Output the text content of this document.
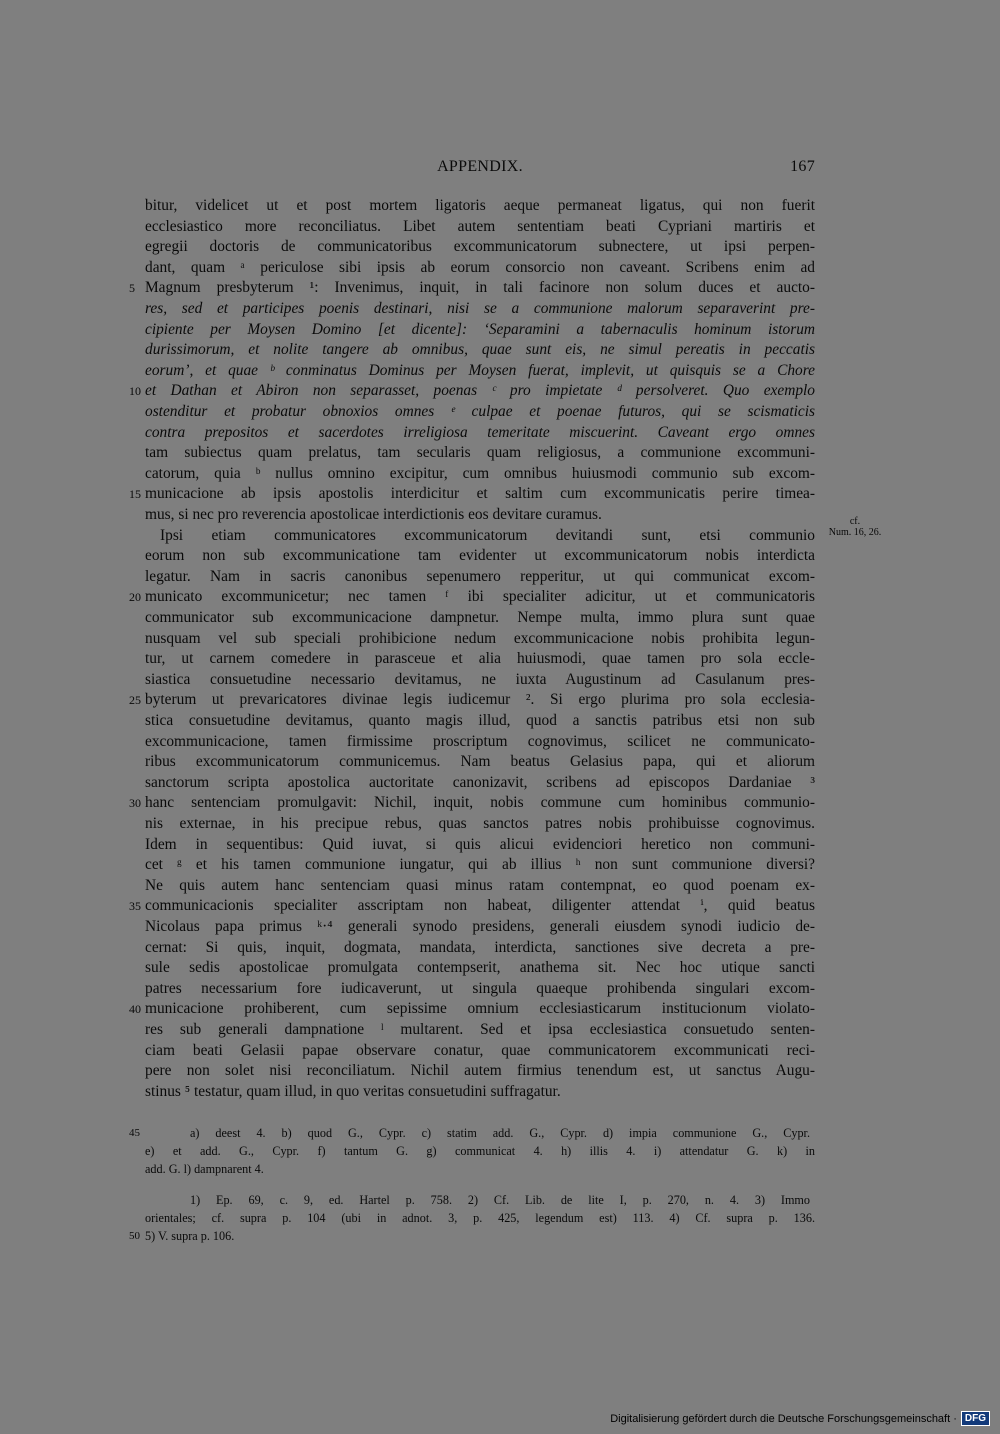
APPENDIX.	167
cf.
Num. 16, 26.
Digitalisierung gefördert durch die Deutsche Forschungsgemeinschaft · DFG
bitur, videlicet ut et post mortem ligatoris aeque permaneat ligatus, qui non fuerit
ecclesiastico more reconciliatus. Libet autem sententiam beati Cypriani martiris et
egregii doctoris de communicatoribus excommunicatorum subnectere, ut ipsi perpen-
dant, quam ᵃ periculose sibi ipsis ab eorum consorcio non caveant. Scribens enim ad
Magnum presbyterum ¹: Invenimus, inquit, in tali facinore non solum duces et aucto-
res, sed et participes poenis destinari, nisi se a communione malorum separaverint pre-
cipiente per Moysen Domino [et dicente]: ‘Separamini a tabernaculis hominum istorum
durissimorum, et nolite tangere ab omnibus, quae sunt eis, ne simul pereatis in peccatis
eorum’, et quae ᵇ conminatus Dominus per Moysen fuerat, implevit, ut quisquis se a Chore
et Dathan et Abiron non separasset, poenas ᶜ pro impietate ᵈ persolveret. Quo exemplo
ostenditur et probatur obnoxios omnes ᵉ culpae et poenae futuros, qui se scismaticis
contra prepositos et sacerdotes irreligiosa temeritate miscuerint. Caveant ergo omnes
tam subiectus quam prelatus, tam secularis quam religiosus, a communione excommuni-
catorum, quia ᵇ nullus omnino excipitur, cum omnibus huiusmodi communio sub excom-
municacione ab ipsis apostolis interdicitur et saltim cum excommunicatis perire timea-
mus, si nec pro reverencia apostolicae interdictionis eos devitare curamus.
Ipsi etiam communicatores excommunicatorum devitandi sunt, etsi communio
eorum non sub excommunicatione tam evidenter ut excommunicatorum nobis interdicta
legatur. Nam in sacris canonibus sepenumero repperitur, ut qui communicat excom-
municato excommunicetur; nec tamen ᶠ ibi specialiter adicitur, ut et communicatoris
communicator sub excommunicacione dampnetur. Nempe multa, immo plura sunt quae
nusquam vel sub speciali prohibicione nedum excommunicacione nobis prohibita legun-
tur, ut carnem comedere in parasceue et alia huiusmodi, quae tamen pro sola eccle-
siastica consuetudine necessario devitamus, ne iuxta Augustinum ad Casulanum pres-
byterum ut prevaricatores divinae legis iudicemur ². Si ergo plurima pro sola ecclesia-
stica consuetudine devitamus, quanto magis illud, quod a sanctis patribus etsi non sub
excommunicacione, tamen firmissime proscriptum cognovimus, scilicet ne communicato-
ribus excommunicatorum communicemus. Nam beatus Gelasius papa, qui et aliorum
sanctorum scripta apostolica auctoritate canonizavit, scribens ad episcopos Dardaniae ³
hanc sentenciam promulgavit: Nichil, inquit, nobis commune cum hominibus communio-
nis externae, in his precipue rebus, quas sanctos patres nobis prohibuisse cognovimus.
Idem in sequentibus: Quid iuvat, si quis alicui evidenciori heretico non communi-
cet ᵍ et his tamen communione iungatur, qui ab illius ʰ non sunt communione diversi?
Ne quis autem hanc sentenciam quasi minus ratam contempnat, eo quod poenam ex-
communicacionis specialiter asscriptam non habeat, diligenter attendat ⁱ, quid beatus
Nicolaus papa primus ᵏ·⁴ generali synodo presidens, generali eiusdem synodi iudicio de-
cernat: Si quis, inquit, dogmata, mandata, interdicta, sanctiones sive decreta a pre-
sule sedis apostolicae promulgata contempserit, anathema sit. Nec hoc utique sancti
patres necessarium fore iudicaverunt, ut singula quaeque prohibenda singulari excom-
municacione prohiberent, cum sepissime omnium ecclesiasticarum institucionum violato-
res sub generali dampnatione ˡ multarent. Sed et ipsa ecclesiastica consuetudo senten-
ciam beati Gelasii papae observare conatur, quae communicatorem excommunicati reci-
pere non solet nisi reconciliatum. Nichil autem firmius tenendum est, ut sanctus Augu-
stinus ⁵ testatur, quam illud, in quo veritas consuetudini suffragatur.
5
10
15
20
25
30
35
40
a) deest 4. b) quod G., Cypr. c) statim add. G., Cypr. d) impia communione G., Cypr.
e) et add. G., Cypr. f) tantum G. g) communicat 4. h) illis 4. i) attendatur G. k) in
add. G. l) dampnarent 4.
1) Ep. 69, c. 9, ed. Hartel p. 758. 2) Cf. Lib. de lite I, p. 270, n. 4. 3) Immo
orientales; cf. supra p. 104 (ubi in adnot. 3, p. 425, legendum est) 113. 4) Cf. supra p. 136.
5) V. supra p. 106.
45
50
